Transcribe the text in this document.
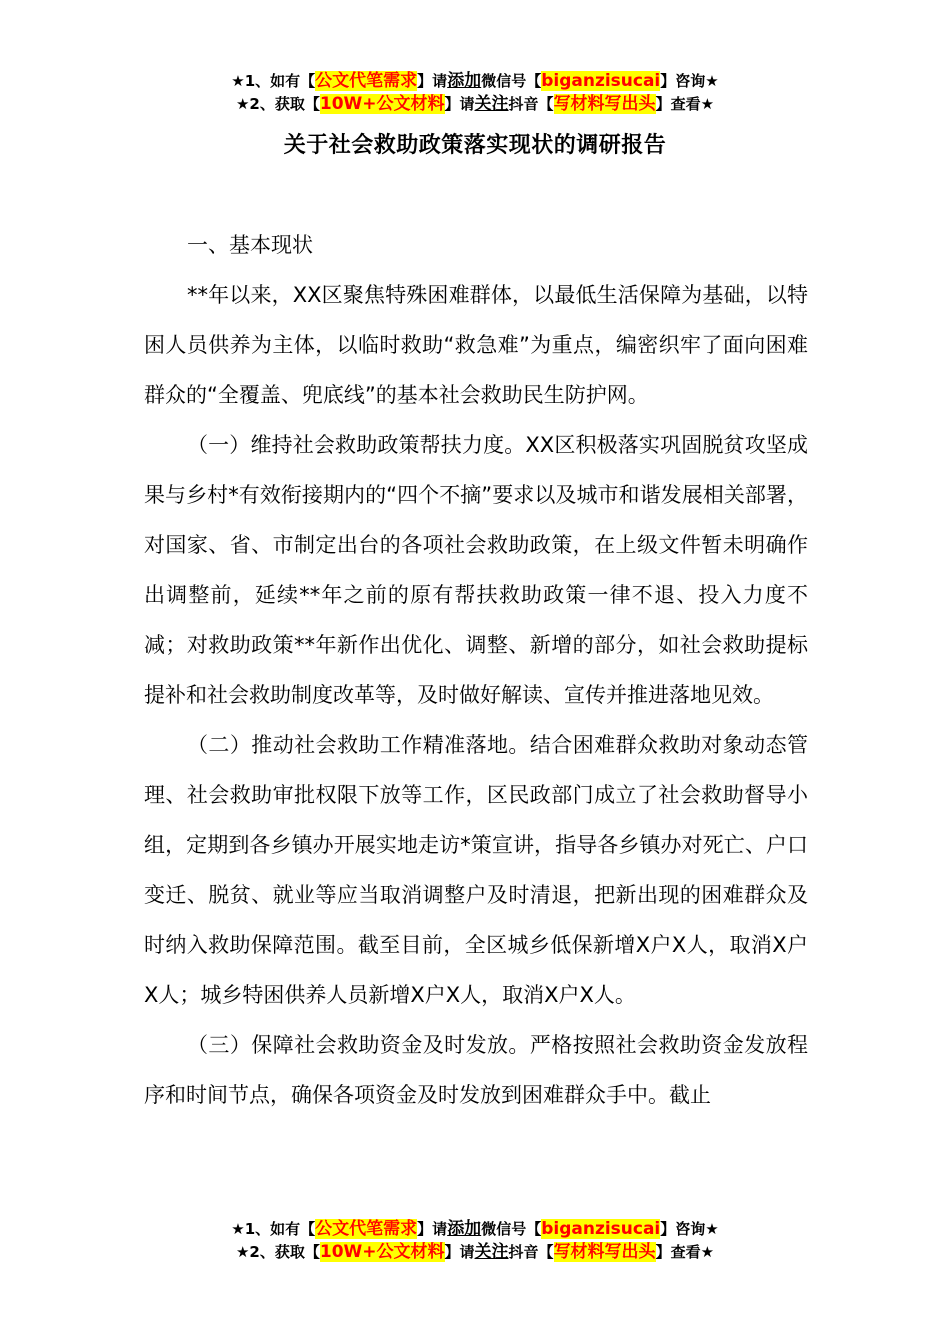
★1、如有【公文代笔需求】请添加微信号【biganzisucai】咨询★
★2、获取【10W+公文材料】请关注抖音【写材料写出头】查看★
关于社会救助政策落实现状的调研报告

一、基本现状

**年以来，XX区聚焦特殊困难群体，以最低生活保障为基础，以特困人员供养为主体，以临时救助“救急难”为重点，编密织牢了面向困难群众的“全覆盖、兜底线”的基本社会救助民生防护网。

（一）维持社会救助政策帮扶力度。XX区积极落实巩固脱贫攻坚成果与乡村*有效衔接期内的“四个不摘”要求以及城市和谐发展相关部署，对国家、省、市制定出台的各项社会救助政策，在上级文件暂未明确作出调整前，延续**年之前的原有帮扶救助政策一律不退、投入力度不减；对救助政策**年新作出优化、调整、新增的部分，如社会救助提标提补和社会救助制度改革等，及时做好解读、宣传并推进落地见效。

（二）推动社会救助工作精准落地。结合困难群众救助对象动态管理、社会救助审批权限下放等工作，区民政部门成立了社会救助督导小组，定期到各乡镇办开展实地走访*策宣讲，指导各乡镇办对死亡、户口变迁、脱贫、就业等应当取消调整户及时清退，把新出现的困难群众及时纳入救助保障范围。截至目前，全区城乡低保新增X户X人，取消X户X人；城乡特困供养人员新增X户X人，取消X户X人。

（三）保障社会救助资金及时发放。严格按照社会救助资金发放程序和时间节点，确保各项资金及时发放到困难群众手中。截止

★1、如有【公文代笔需求】请添加微信号【biganzisucai】咨询★
★2、获取【10W+公文材料】请关注抖音【写材料写出头】查看★
